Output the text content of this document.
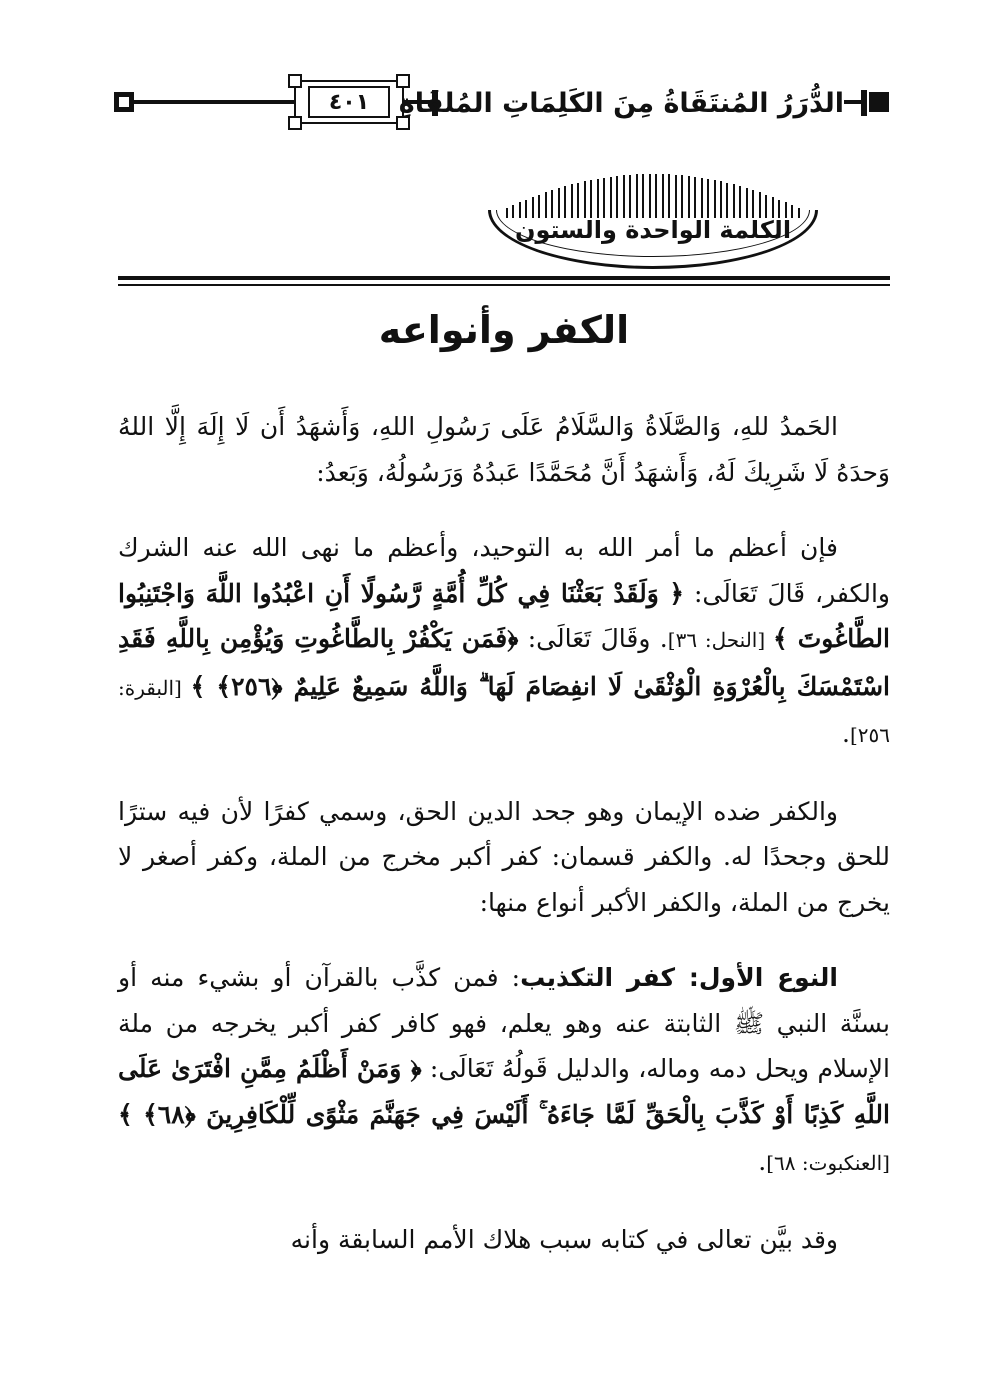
٤٠١	الدُّرَرُ المُنتَقَاةُ مِنَ الكَلِمَاتِ المُلقَاةِ
الكلمة الواحدة والستون
الكفر وأنواعه

الحَمدُ للهِ، وَالصَّلَاةُ وَالسَّلَامُ عَلَى رَسُولِ اللهِ، وَأَشهَدُ أَن لَا إِلَهَ إِلَّا اللهُ وَحدَهُ لَا شَرِيكَ لَهُ، وَأَشهَدُ أَنَّ مُحَمَّدًا عَبدُهُ وَرَسُولُهُ، وَبَعدُ:

فإن أعظم ما أمر الله به التوحيد، وأعظم ما نهى الله عنه الشرك والكفر، قَالَ تَعَالَى: ﴿ وَلَقَدْ بَعَثْنَا فِي كُلِّ أُمَّةٍ رَّسُولًا أَنِ اعْبُدُوا اللَّهَ وَاجْتَنِبُوا الطَّاغُوتَ ﴾ [النحل: ٣٦]. وقَالَ تَعَالَى: ﴿فَمَن يَكْفُرْ بِالطَّاغُوتِ وَيُؤْمِن بِاللَّهِ فَقَدِ اسْتَمْسَكَ بِالْعُرْوَةِ الْوُثْقَىٰ لَا انفِصَامَ لَهَا ۗ وَاللَّهُ سَمِيعٌ عَلِيمٌ ﴿٢٥٦﴾ ﴾ [البقرة: ٢٥٦].

والكفر ضده الإيمان وهو جحد الدين الحق، وسمي كفرًا لأن فيه سترًا للحق وجحدًا له. والكفر قسمان: كفر أكبر مخرج من الملة، وكفر أصغر لا يخرج من الملة، والكفر الأكبر أنواع منها:

النوع الأول: كفر التكذيب: فمن كذَّب بالقرآن أو بشيء منه أو بسنَّة النبي ﷺ الثابتة عنه وهو يعلم، فهو كافر كفر أكبر يخرجه من ملة الإسلام ويحل دمه وماله، والدليل قَولُهُ تَعَالَى: ﴿ وَمَنْ أَظْلَمُ مِمَّنِ افْتَرَىٰ عَلَى اللَّهِ كَذِبًا أَوْ كَذَّبَ بِالْحَقِّ لَمَّا جَاءَهُ ۚ أَلَيْسَ فِي جَهَنَّمَ مَثْوًى لِّلْكَافِرِينَ ﴿٦٨﴾ ﴾ [العنكبوت: ٦٨].

وقد بيَّن تعالى في كتابه سبب هلاك الأمم السابقة وأنه
